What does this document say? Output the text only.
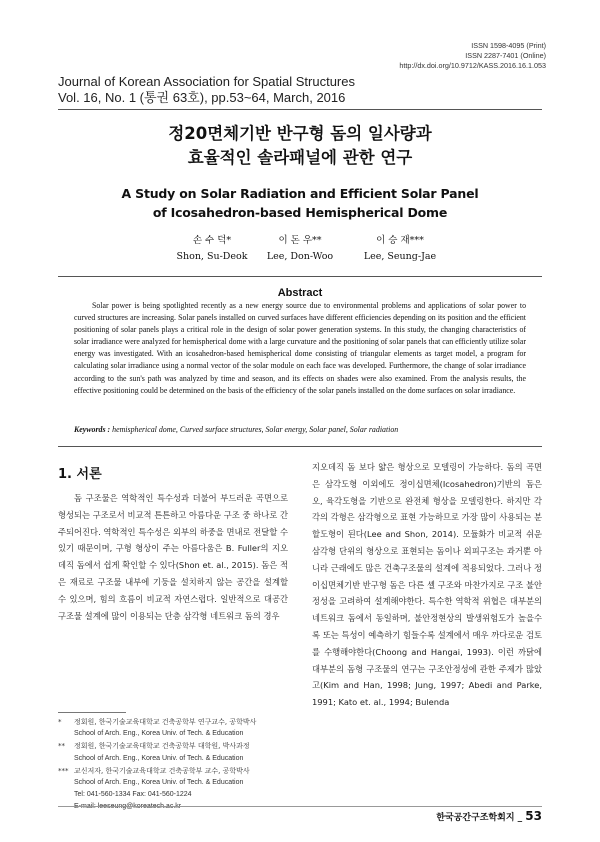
ISSN 1598-4095 (Print)
ISSN 2287-7401 (Online)
http://dx.doi.org/10.9712/KASS.2016.16.1.053
Journal of Korean Association for Spatial Structures
Vol. 16, No. 1 (통권 63호), pp.53~64, March, 2016
정20면체기반 반구형 돔의 일사량과
효율적인 솔라패널에 관한 연구
A Study on Solar Radiation and Efficient Solar Panel
of Icosahedron-based Hemispherical Dome
손 수 덕*
Shon, Su-Deok
이 돈 우**
Lee, Don-Woo
이 승 재***
Lee, Seung-Jae
Abstract
Solar power is being spotlighted recently as a new energy source due to environmental problems and applications of solar power to curved structures are increasing. Solar panels installed on curved surfaces have different efficiencies depending on its position and the efficient positioning of solar panels plays a critical role in the design of solar power generation systems. In this study, the changing characteristics of solar irradiance were analyzed for hemispherical dome with a large curvature and the positioning of solar panels that can efficiently utilize solar energy was investigated. With an icosahedron-based hemispherical dome consisting of triangular elements as target model, a program for calculating solar irradiance using a normal vector of the solar module on each face was developed. Furthermore, the change of solar irradiance according to the sun's path was analyzed by time and season, and its effects on shades were also examined. From the analysis results, the effective positioning could be determined on the basis of the efficiency of the solar panels installed on the dome surfaces on solar irradiance.
Keywords : hemispherical dome, Curved surface structures, Solar energy, Solar panel, Solar radiation
1. 서론

돔 구조물은 역학적인 특수성과 더불어 부드러운 곡면으로 형성되는 구조로서 비교적 튼튼하고 아름다운 구조 중 하나로 간주되어진다. 역학적인 특수성은 외부의 하중을 면내로 전달할 수 있기 때문이며, 구형 형상이 주는 아름다움은 B. Fuller의 지오데직 돔에서 쉽게 확인할 수 있다(Shon et. al., 2015). 돔은 적은 재료로 구조물 내부에 기둥을 설치하지 않는 공간을 설계할 수 있으며, 힘의 흐름이 비교적 자연스럽다. 일반적으로 대공간 구조물 설계에 많이 이용되는 단층 삼각형 네트워크 돔의 경우

지오데직 돔 보다 얇은 형상으로 모델링이 가능하다. 돔의 곡면은 삼각도형 이외에도 정이십면체(Icosahedron)기반의 돔은 오, 육각도형을 기반으로 완전체 형상을 모델링한다. 하지만 각각의 각형은 삼각형으로 표현 가능하므로 가장 많이 사용되는 분할도형이 된다(Lee and Shon, 2014). 모듈화가 비교적 쉬운 삼각형 단위의 형상으로 표현되는 돔이나 외피구조는 과거뿐 아니라 근래에도 많은 건축구조물의 설계에 적용되었다. 그러나 정이십면체기반 반구형 돔은 다른 셸 구조와 마찬가지로 구조 불안정성을 고려하여 설계해야한다. 특수한 역학적 위협은 대부분의 네트워크 돔에서 동일하며, 불안정현상의 발생위험도가 높을수록 또는 특성이 예측하기 힘들수록 설계에서 매우 까다로운 검토를 수행해야한다(Choong and Hangai, 1993). 이런 까닭에 대부분의 돔형 구조물의 연구는 구조안정성에 관한 주제가 많았고(Kim and Han, 1998; Jung, 1997; Abedi and Parke, 1991; Kato et. al., 1994; Bulenda

* 정회원, 한국기술교육대학교 건축공학부 연구교수, 공학박사
School of Arch. Eng., Korea Univ. of Tech. & Education
** 정회원, 한국기술교육대학교 건축공학부 대학원, 박사과정
School of Arch. Eng., Korea Univ. of Tech. & Education
*** 교신저자, 한국기술교육대학교 건축공학부 교수, 공학박사
School of Arch. Eng., Korea Univ. of Tech. & Education
Tel: 041-560-1334 Fax: 041-560-1224
E-mail: leeseung@koreatech.ac.kr
한국공간구조학회지 _ 53
